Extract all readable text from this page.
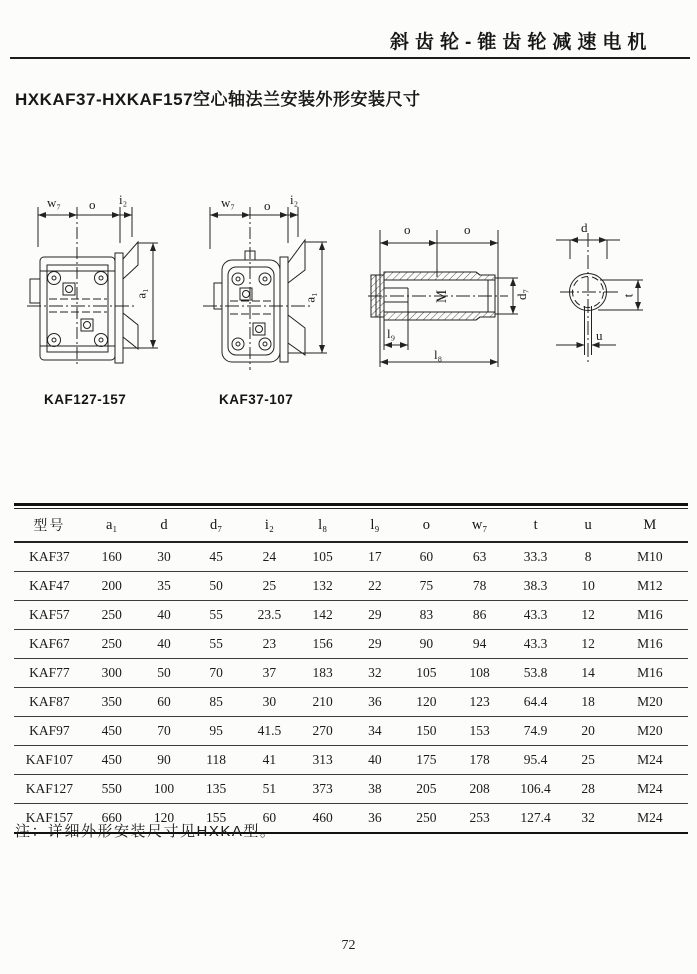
斜齿轮-锥齿轮减速电机
HXKAF37-HXKAF157空心轴法兰安装外形安装尺寸
w₇ o i₂
a₁
KAF127-157
w₇ o i₂
a₁
KAF37-107
o	o
M	d₇
l₉
l₈
d
t
u
型号	a₁	d	d₇	i₂	l₈	l₉	o	w₇	t	u	M
KAF37	160	30	45	24	105	17	60	63	33.3	8	M10
KAF47	200	35	50	25	132	22	75	78	38.3	10	M12
KAF57	250	40	55	23.5	142	29	83	86	43.3	12	M16
KAF67	250	40	55	23	156	29	90	94	43.3	12	M16
KAF77	300	50	70	37	183	32	105	108	53.8	14	M16
KAF87	350	60	85	30	210	36	120	123	64.4	18	M20
KAF97	450	70	95	41.5	270	34	150	153	74.9	20	M20
KAF107	450	90	118	41	313	40	175	178	95.4	25	M24
KAF127	550	100	135	51	373	38	205	208	106.4	28	M24
KAF157	660	120	155	60	460	36	250	253	127.4	32	M24
注：详细外形安装尺寸见HXKA型。
72
